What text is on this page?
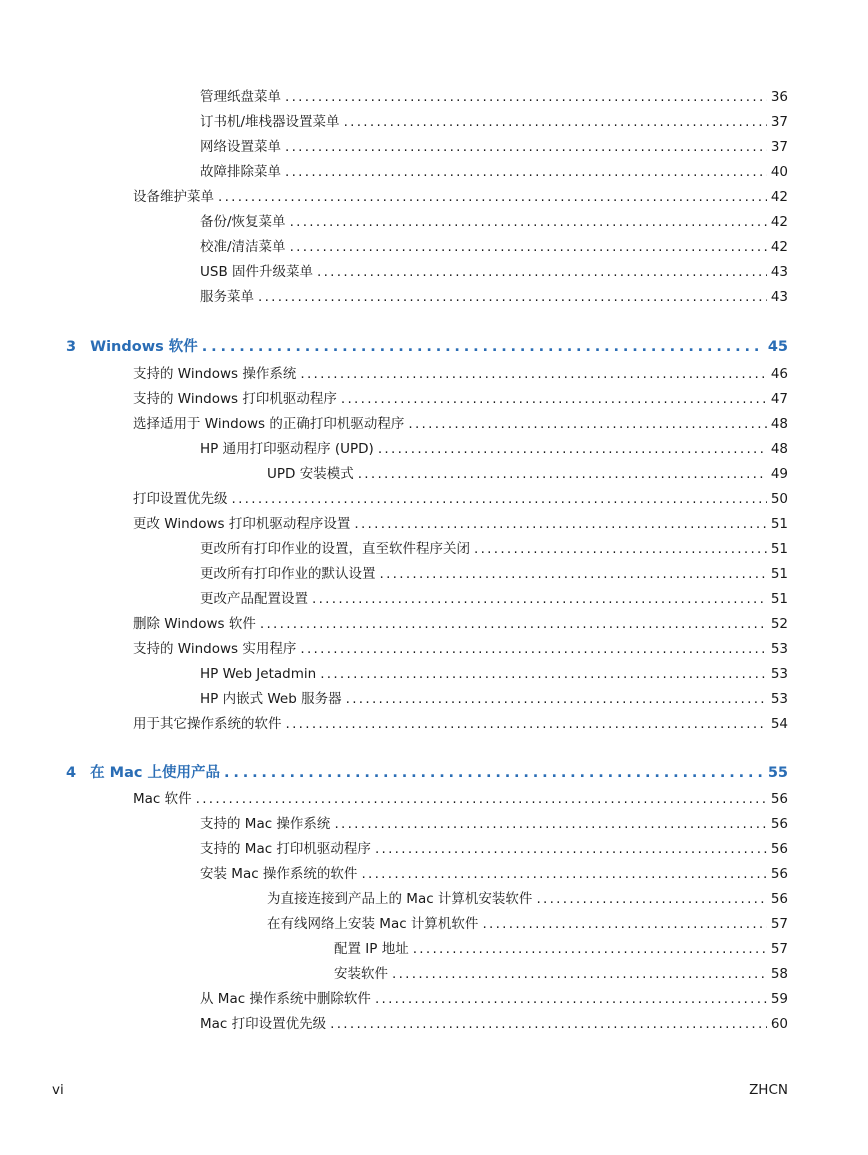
管理纸盘菜单 . . .	36
订书机/堆栈器设置菜单 . . .	37
网络设置菜单 . . .	37
故障排除菜单 . . .	40
设备维护菜单 . . .	42
备份/恢复菜单 . . .	42
校准/清洁菜单 . . .	42
USB 固件升级菜单 . . .	43
服务菜单 . . .	43
3 Windows 软件 . . .	45
支持的 Windows 操作系统 . . .	46
支持的 Windows 打印机驱动程序 . . .	47
选择适用于 Windows 的正确打印机驱动程序 . . .	48
HP 通用打印驱动程序 (UPD) . . .	48
UPD 安装模式 . . .	49
打印设置优先级 . . .	50
更改 Windows 打印机驱动程序设置 . . .	51
更改所有打印作业的设置，直至软件程序关闭 . . .	51
更改所有打印作业的默认设置 . . .	51
更改产品配置设置 . . .	51
删除 Windows 软件 . . .	52
支持的 Windows 实用程序 . . .	53
HP Web Jetadmin . . .	53
HP 内嵌式 Web 服务器 . . .	53
用于其它操作系统的软件 . . .	54
4 在 Mac 上使用产品 . . .	55
Mac 软件 . . .	56
支持的 Mac 操作系统 . . .	56
支持的 Mac 打印机驱动程序 . . .	56
安装 Mac 操作系统的软件 . . .	56
为直接连接到产品上的 Mac 计算机安装软件 . . .	56
在有线网络上安装 Mac 计算机软件 . . .	57
配置 IP 地址 . . .	57
安装软件 . . .	58
从 Mac 操作系统中删除软件 . . .	59
Mac 打印设置优先级 . . .	60
vi	ZHCN
